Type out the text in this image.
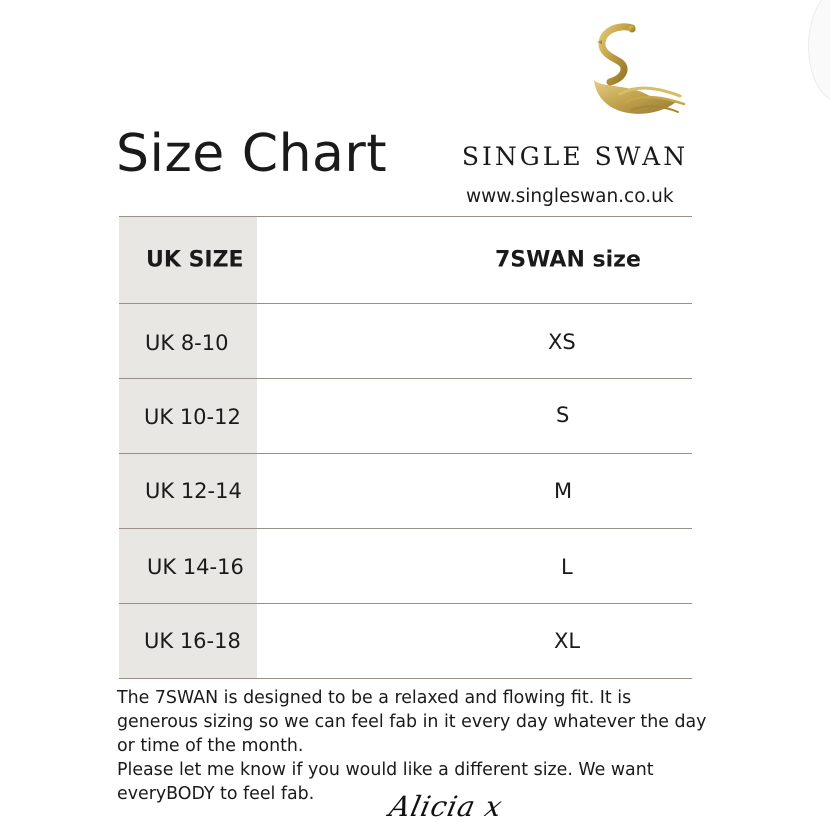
Size Chart	SINGLE SWAN
www.singleswan.co.uk
UK SIZE	7SWAN size
UK 8-10	XS
UK 10-12	S
UK 12-14	M
UK 14-16	L
UK 16-18	XL

The 7SWAN is designed to be a relaxed and flowing fit. It is generous sizing so we can feel fab in it every day whatever the day or time of the month.

Please let me know if you would like a different size. We want everyBODY to feel fab.	Alicia x
